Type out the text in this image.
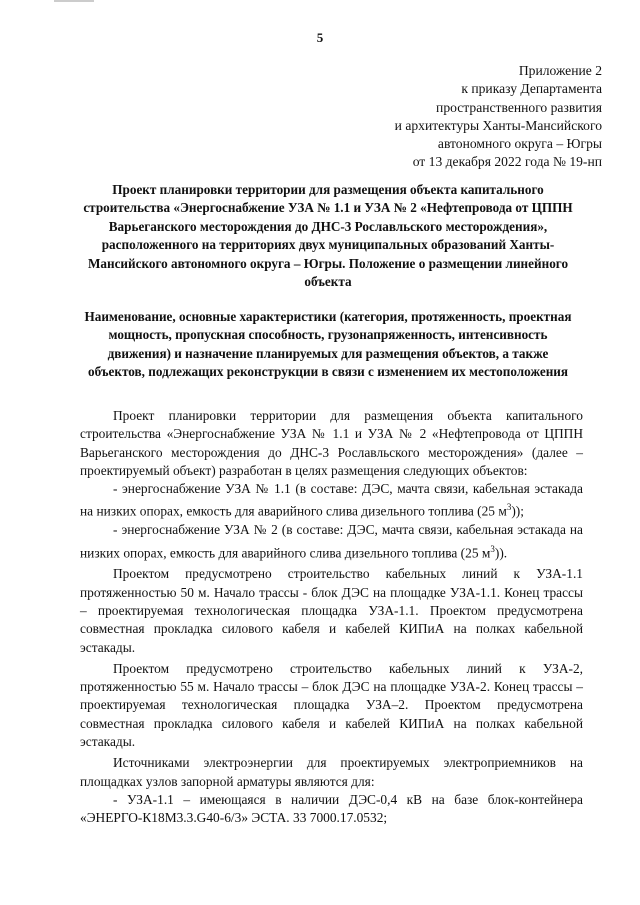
5
Приложение 2
к приказу Департамента
пространственного развития
и архитектуры Ханты-Мансийского
автономного округа – Югры
от 13 декабря 2022 года № 19-нп
Проект планировки территории для размещения объекта капитального строительства «Энергоснабжение УЗА № 1.1 и УЗА № 2 «Нефтепровода от ЦППН Варьеганского месторождения до ДНС-3 Рославльского месторождения», расположенного на территориях двух муниципальных образований Ханты-Мансийского автономного округа – Югры. Положение о размещении линейного объекта
Наименование, основные характеристики (категория, протяженность, проектная мощность, пропускная способность, грузонапряженность, интенсивность движения) и назначение планируемых для размещения объектов, а также объектов, подлежащих реконструкции в связи с изменением их местоположения

Проект планировки территории для размещения объекта капитального строительства «Энергоснабжение УЗА № 1.1 и УЗА № 2 «Нефтепровода от ЦППН Варьеганского месторождения до ДНС-3 Рославльского месторождения» (далее – проектируемый объект) разработан в целях размещения следующих объектов:

- энергоснабжение УЗА № 1.1 (в составе: ДЭС, мачта связи, кабельная эстакада на низких опорах, емкость для аварийного слива дизельного топлива (25 $м^3$));

- энергоснабжение УЗА № 2 (в составе: ДЭС, мачта связи, кабельная эстакада на низких опорах, емкость для аварийного слива дизельного топлива (25 $м^3$)).

Проектом предусмотрено строительство кабельных линий к УЗА-1.1 протяженностью 50 м. Начало трассы - блок ДЭС на площадке УЗА-1.1. Конец трассы – проектируемая технологическая площадка УЗА-1.1. Проектом предусмотрена совместная прокладка силового кабеля и кабелей КИПиА на полках кабельной эстакады.

Проектом предусмотрено строительство кабельных линий к УЗА-2, протяженностью 55 м. Начало трассы – блок ДЭС на площадке УЗА-2. Конец трассы – проектируемая технологическая площадка УЗА–2. Проектом предусмотрена совместная прокладка силового кабеля и кабелей КИПиА на полках кабельной эстакады.

Источниками электроэнергии для проектируемых электроприемников на площадках узлов запорной арматуры являются для:

- УЗА-1.1 – имеющаяся в наличии ДЭС-0,4 кВ на базе блок-контейнера «ЭНЕРГО-К18М3.3.G40-6/3» ЭСТА. 33 7000.17.0532;
